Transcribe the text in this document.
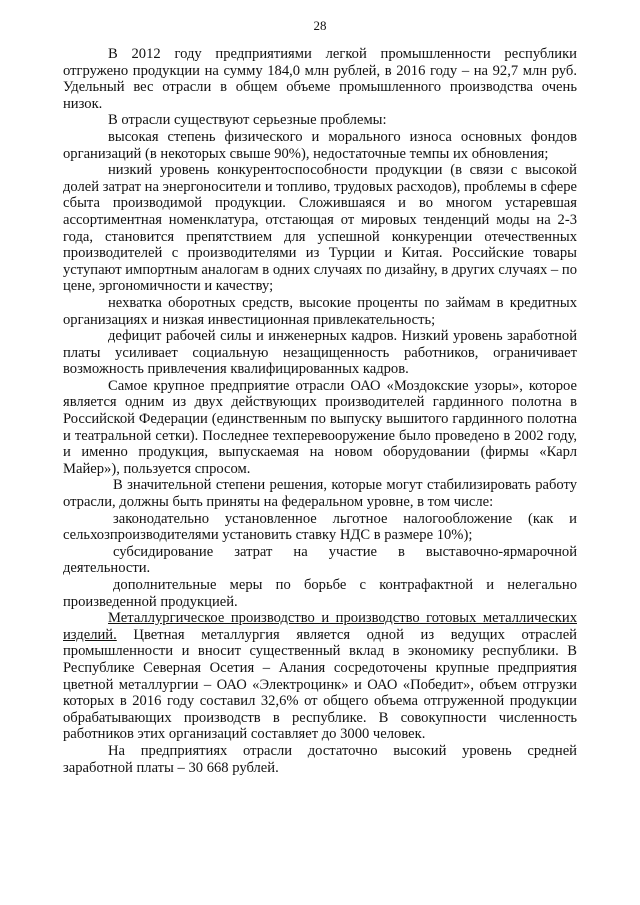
28

В 2012 году предприятиями легкой промышленности республики отгружено продукции на сумму 184,0 млн рублей, в 2016 году – на 92,7 млн руб. Удельный вес отрасли в общем объеме промышленного производства очень низок.

В отрасли существуют серьезные проблемы:

высокая степень физического и морального износа основных фондов организаций (в некоторых свыше 90%), недостаточные темпы их обновления;

низкий уровень конкурентоспособности продукции (в связи с высокой долей затрат на энергоносители и топливо, трудовых расходов), проблемы в сфере сбыта производимой продукции. Сложившаяся и во многом устаревшая ассортиментная номенклатура, отстающая от мировых тенденций моды на 2-3 года, становится препятствием для успешной конкуренции отечественных производителей с производителями из Турции и Китая. Российские товары уступают импортным аналогам в одних случаях по дизайну, в других случаях – по цене, эргономичности и качеству;

нехватка оборотных средств, высокие проценты по займам в кредитных организациях и низкая инвестиционная привлекательность;

дефицит рабочей силы и инженерных кадров. Низкий уровень заработной платы усиливает социальную незащищенность работников, ограничивает возможность привлечения квалифицированных кадров.

Самое крупное предприятие отрасли ОАО «Моздокские узоры», которое является одним из двух действующих производителей гардинного полотна в Российской Федерации (единственным по выпуску вышитого гардинного полотна и театральной сетки). Последнее техперевооружение было проведено в 2002 году, и именно продукция, выпускаемая на новом оборудовании (фирмы «Карл Майер»), пользуется спросом.

В значительной степени решения, которые могут стабилизировать работу отрасли, должны быть приняты на федеральном уровне, в том числе:

законодательно установленное льготное налогообложение (как и сельхозпроизводителями установить ставку НДС в размере 10%);

субсидирование затрат на участие в выставочно-ярмарочной деятельности.

дополнительные меры по борьбе с контрафактной и нелегально произведенной продукцией.

Металлургическое производство и производство готовых металлических изделий. Цветная металлургия является одной из ведущих отраслей промышленности и вносит существенный вклад в экономику республики. В Республике Северная Осетия – Алания сосредоточены крупные предприятия цветной металлургии – ОАО «Электроцинк» и ОАО «Победит», объем отгрузки которых в 2016 году составил 32,6% от общего объема отгруженной продукции обрабатывающих производств в республике. В совокупности численность работников этих организаций составляет до 3000 человек.

На предприятиях отрасли достаточно высокий уровень средней заработной платы – 30 668 рублей.
